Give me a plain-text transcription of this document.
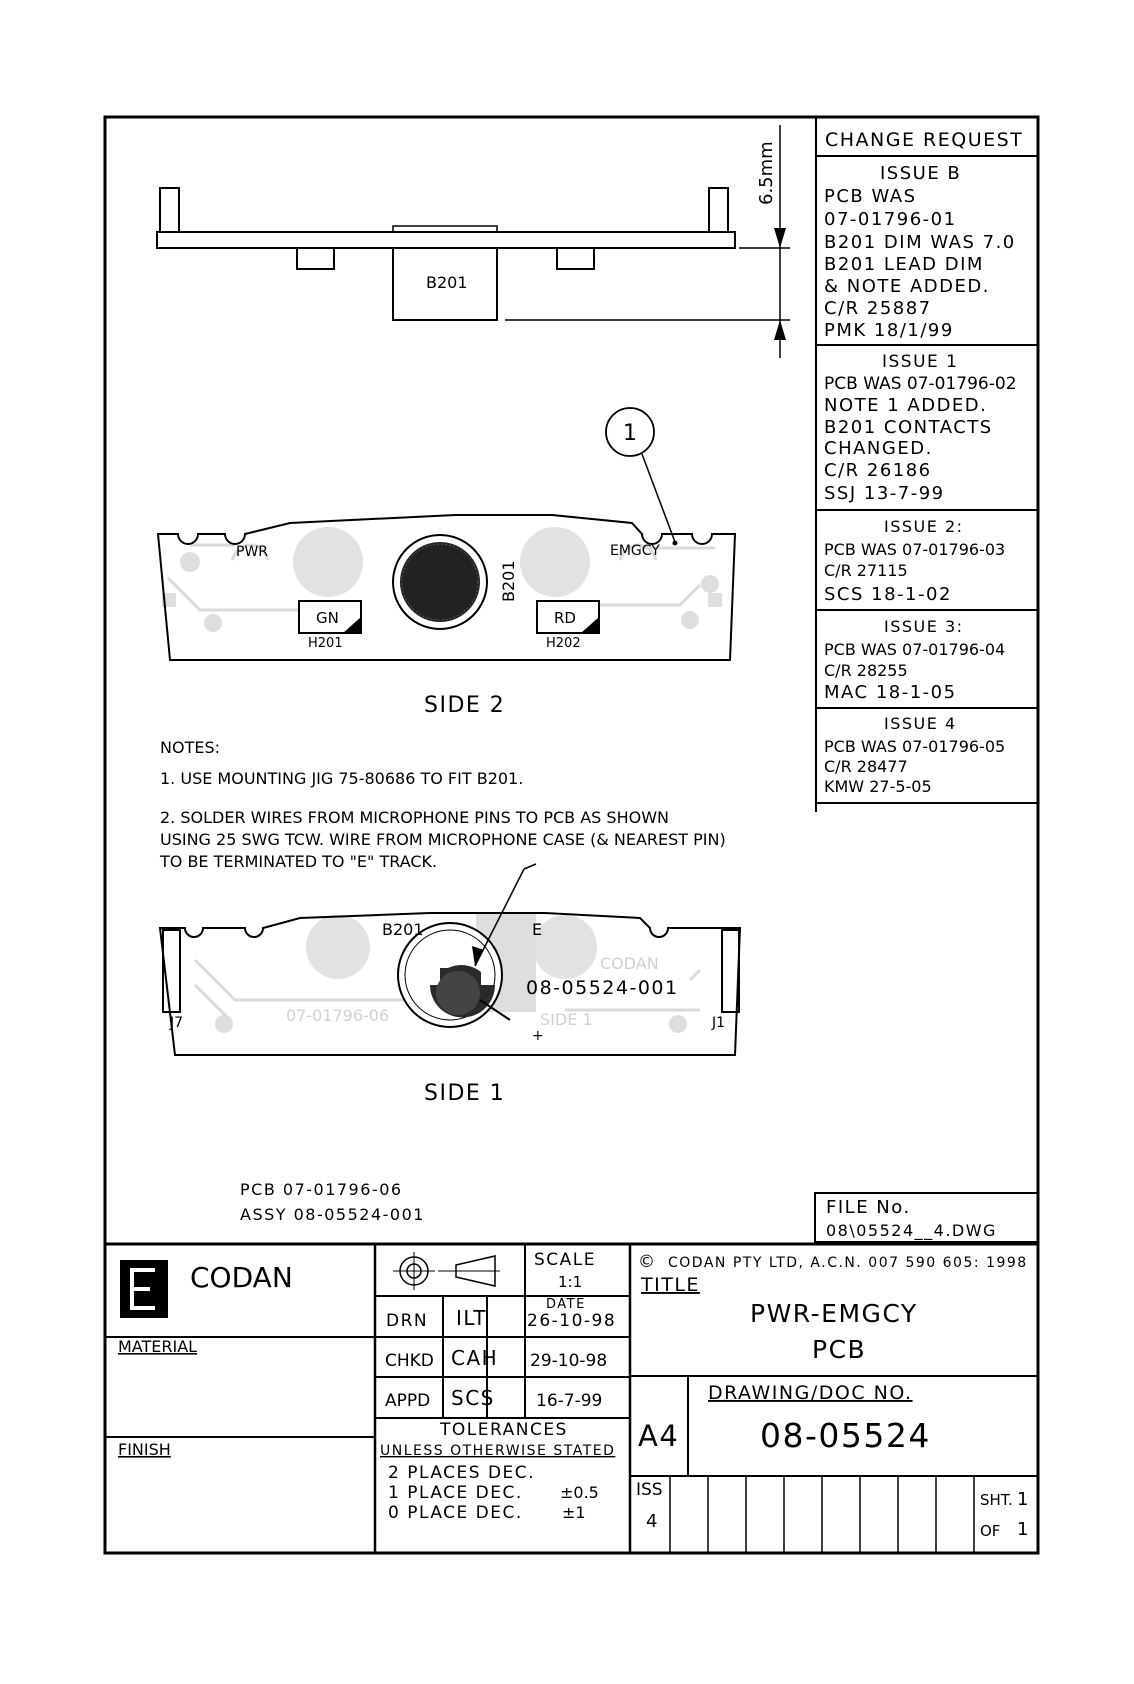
CHANGE REQUEST
ISSUE B
PCB WAS
07-01796-01
B201 DIM WAS 7.0
B201 LEAD DIM
& NOTE ADDED.
C/R 25887
PMK 18/1/99
ISSUE 1
PCB WAS 07-01796-02
NOTE 1 ADDED.
B201 CONTACTS
CHANGED.
C/R 26186
SSJ 13-7-99
ISSUE 2:
PCB WAS 07-01796-03
C/R 27115
SCS 18-1-02
ISSUE 3:
PCB WAS 07-01796-04
C/R 28255
MAC 18-1-05
ISSUE 4
PCB WAS 07-01796-05
C/R 28477
KMW 27-5-05
B201
6.5mm
B201
GN	RD
H201	H202
PWR	EMGCY
1
SIDE 2
NOTES:
1. USE MOUNTING JIG 75-80686 TO FIT B201.
2. SOLDER WIRES FROM MICROPHONE PINS TO PCB AS SHOWN
USING 25 SWG TCW. WIRE FROM MICROPHONE CASE (& NEAREST PIN)
TO BE TERMINATED TO "E" TRACK.
CODAN
07-01796-06	SIDE 1
B201	E
08-05524-001
+
J7	J1
SIDE 1
PCB 07-01796-06
ASSY 08-05524-001	FILE No.
08\05524__4.DWG
CODAN
MATERIAL
FINISH
SCALE
1:1
DATE
DRN ILT 26-10-98
CHKD CAH 29-10-98
APPD SCS 16-7-99
TOLERANCES
UNLESS OTHERWISE STATED
2 PLACES DEC.
1 PLACE DEC. ±0.5
0 PLACE DEC. ±1
© CODAN PTY LTD, A.C.N. 007 590 605: 1998
TITLE
PWR-EMGCY
PCB
A4
DRAWING/DOC NO.
08-05524
ISS
4
SHT. 1
OF 1
